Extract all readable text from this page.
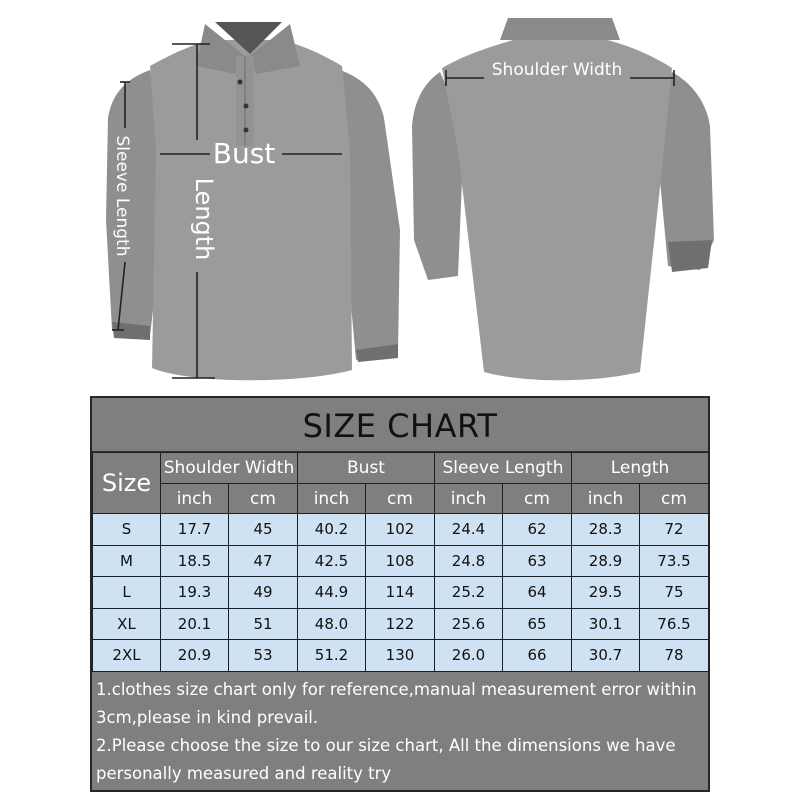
Bust
Length
Sleeve Length
Shoulder Width
SIZE CHART
Size	Shoulder Width		Bust		Sleeve Length		Length	
	inch	cm	inch	cm	inch	cm	inch	cm
S	17.7	45	40.2	102	24.4	62	28.3	72
M	18.5	47	42.5	108	24.8	63	28.9	73.5
L	19.3	49	44.9	114	25.2	64	29.5	75
XL	20.1	51	48.0	122	25.6	65	30.1	76.5
2XL	20.9	53	51.2	130	26.0	66	30.7	78

1.clothes size chart only for reference,manual measurement error within 3cm,please in kind prevail.

2.Please choose the size to our size chart, All the dimensions we have personally measured and reality try
